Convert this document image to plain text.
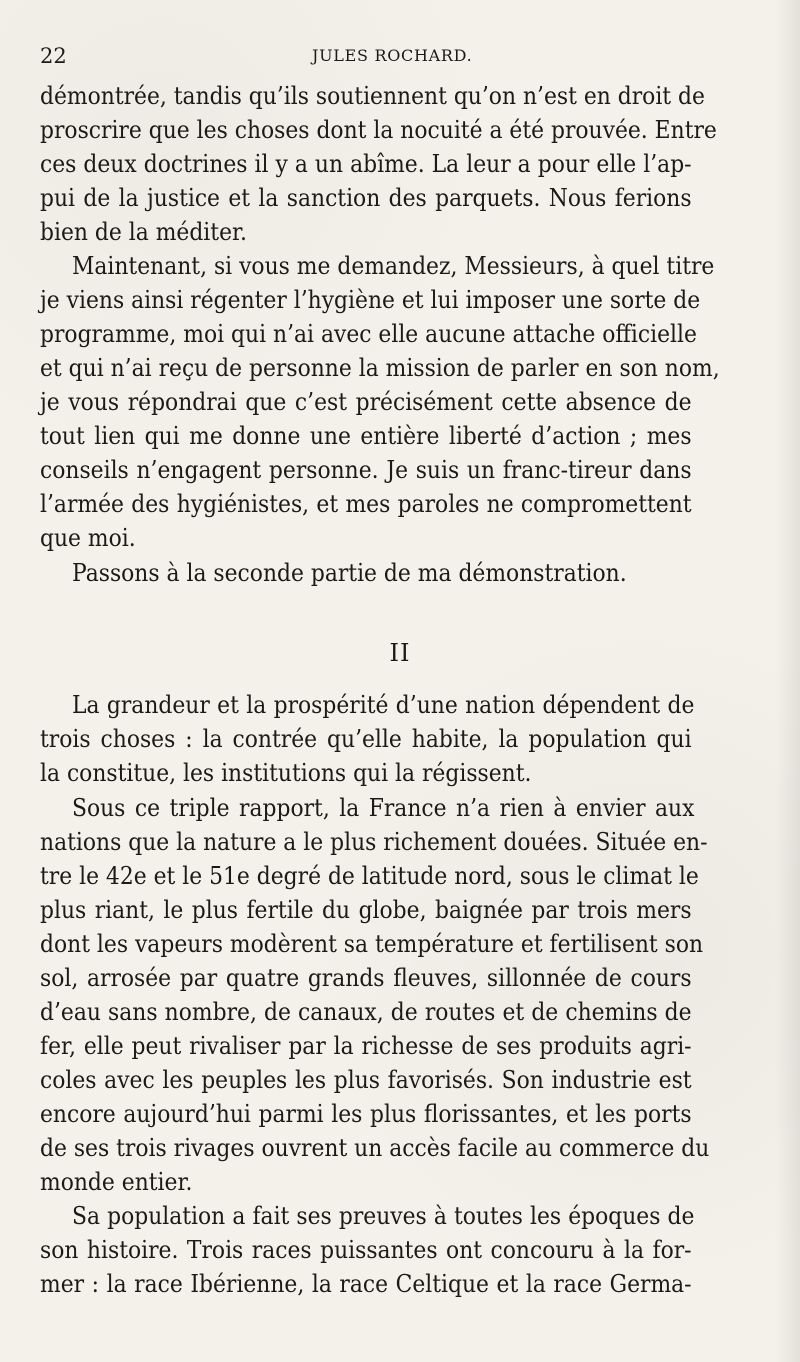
22	JULES ROCHARD.
démontrée, tandis qu’ils soutiennent qu’on n’est en droit de
proscrire que les choses dont la nocuité a été prouvée. Entre
ces deux doctrines il y a un abîme. La leur a pour elle l’ap-
pui de la justice et la sanction des parquets. Nous ferions
bien de la méditer.
Maintenant, si vous me demandez, Messieurs, à quel titre
je viens ainsi régenter l’hygiène et lui imposer une sorte de
programme, moi qui n’ai avec elle aucune attache officielle
et qui n’ai reçu de personne la mission de parler en son nom,
je vous répondrai que c’est précisément cette absence de
tout lien qui me donne une entière liberté d’action ; mes
conseils n’engagent personne. Je suis un franc-tireur dans
l’armée des hygiénistes, et mes paroles ne compromettent
que moi.
Passons à la seconde partie de ma démonstration.
II
La grandeur et la prospérité d’une nation dépendent de
trois choses : la contrée qu’elle habite, la population qui
la constitue, les institutions qui la régissent.
Sous ce triple rapport, la France n’a rien à envier aux
nations que la nature a le plus richement douées. Située en-
tre le 42e et le 51e degré de latitude nord, sous le climat le
plus riant, le plus fertile du globe, baignée par trois mers
dont les vapeurs modèrent sa température et fertilisent son
sol, arrosée par quatre grands fleuves, sillonnée de cours
d’eau sans nombre, de canaux, de routes et de chemins de
fer, elle peut rivaliser par la richesse de ses produits agri-
coles avec les peuples les plus favorisés. Son industrie est
encore aujourd’hui parmi les plus florissantes, et les ports
de ses trois rivages ouvrent un accès facile au commerce du
monde entier.
Sa population a fait ses preuves à toutes les époques de
son histoire. Trois races puissantes ont concouru à la for-
mer : la race Ibérienne, la race Celtique et la race Germa-
